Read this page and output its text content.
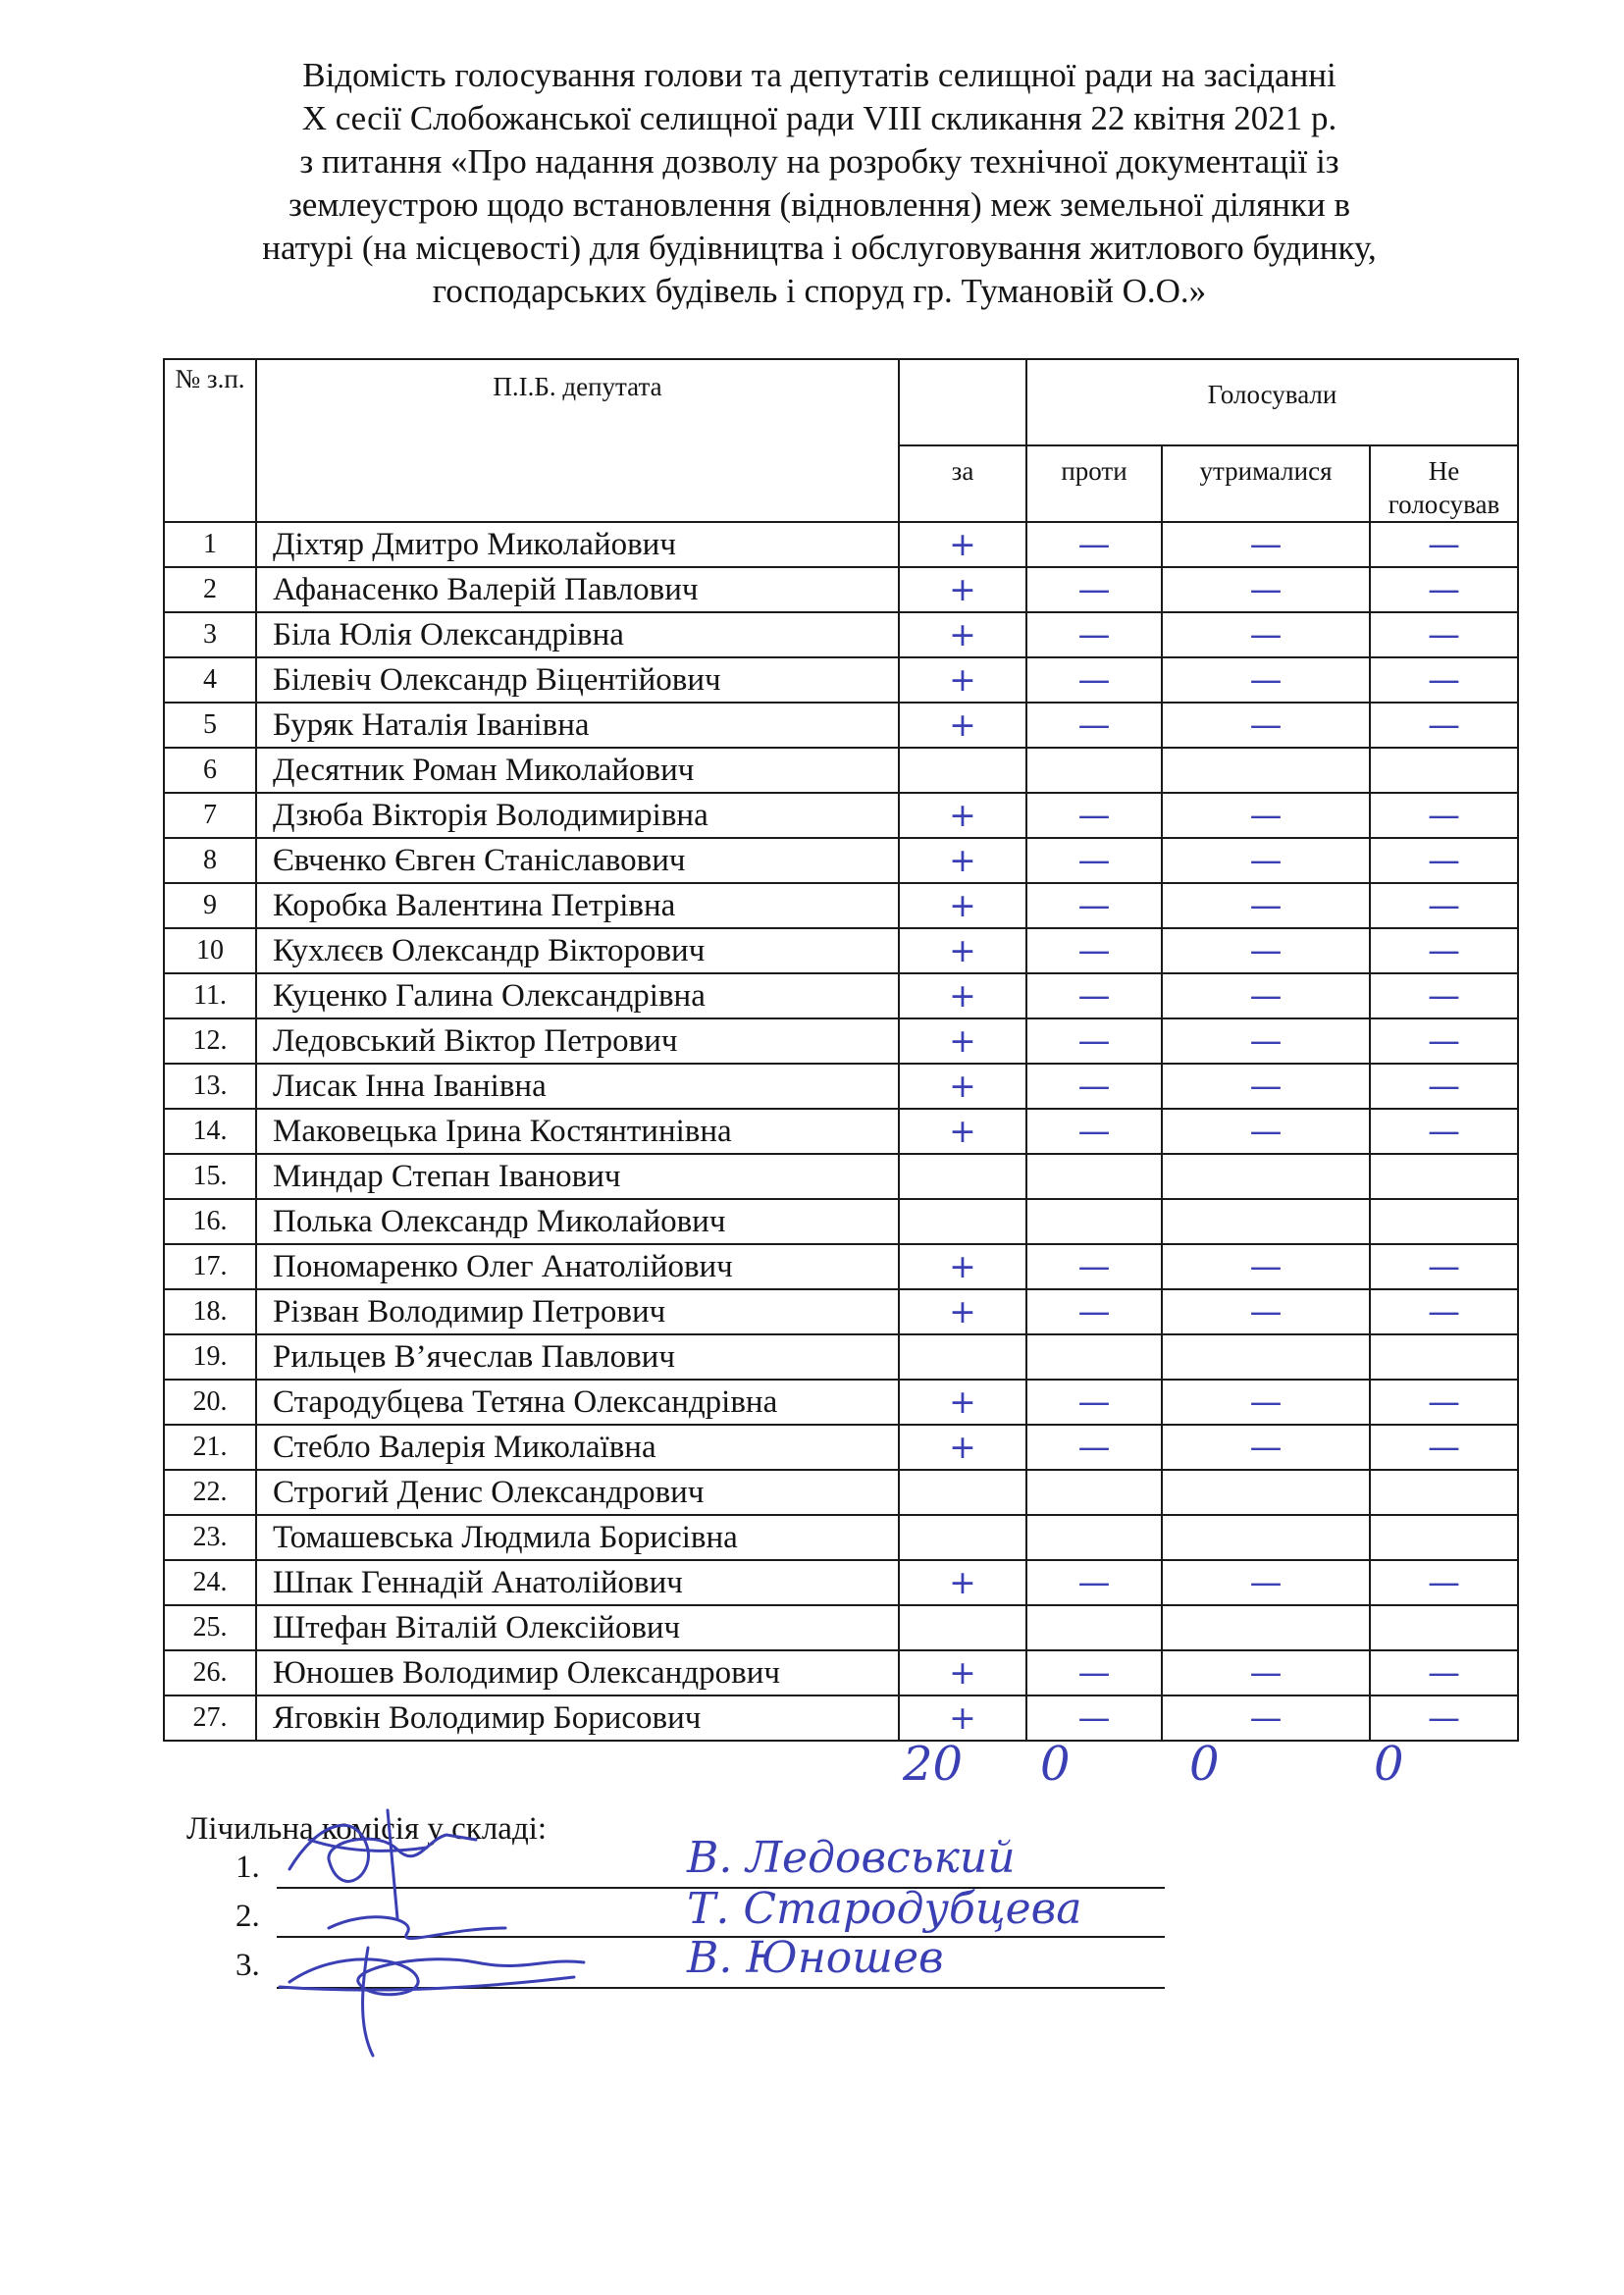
Відомість голосування голови та депутатів селищної ради на засіданні
X сесії Слобожанської селищної ради VIII скликання 22 квітня 2021 р.
з питання «Про надання дозволу на розробку технічної документації із
землеустрою щодо встановлення (відновлення) меж земельної ділянки в
натурі (на місцевості) для будівництва і обслуговування житлового будинку,
господарських будівель і споруд гр. Тумановій О.О.»
№ з.п.	П.І.Б. депутата		Голосували		
		за	проти	утрималися	Не голосував
1	Діхтяр Дмитро Миколайович	+	—	—	—
2	Афанасенко Валерій Павлович	+	—	—	—
3	Біла Юлія Олександрівна	+	—	—	—
4	Білевіч Олександр Віцентійович	+	—	—	—
5	Буряк Наталія Іванівна	+	—	—	—
6	Десятник Роман Миколайович				
7	Дзюба Вікторія Володимирівна	+	—	—	—
8	Євченко Євген Станіславович	+	—	—	—
9	Коробка Валентина Петрівна	+	—	—	—
10	Кухлєєв Олександр Вікторович	+	—	—	—
11.	Куценко Галина Олександрівна	+	—	—	—
12.	Ледовський Віктор Петрович	+	—	—	—
13.	Лисак Інна Іванівна	+	—	—	—
14.	Маковецька Ірина Костянтинівна	+	—	—	—
15.	Миндар Степан Іванович				
16.	Полька Олександр Миколайович				
17.	Пономаренко Олег Анатолійович	+	—	—	—
18.	Різван Володимир Петрович	+	—	—	—
19.	Рильцев В’ячеслав Павлович				
20.	Стародубцева Тетяна Олександрівна	+	—	—	—
21.	Стебло Валерія Миколаївна	+	—	—	—
22.	Строгий Денис Олександрович				
23.	Томашевська Людмила Борисівна				
24.	Шпак Геннадій Анатолійович	+	—	—	—
25.	Штефан Віталій Олексійович				
26.	Юношев Володимир Олександрович	+	—	—	—
27.	Яговкін Володимир Борисович	+	—	—	—
20 0	0	0
Лічильна комісія у складі:
1.	В. Ледовський
2.	Т. Стародубцева
3.	В. Юношев
